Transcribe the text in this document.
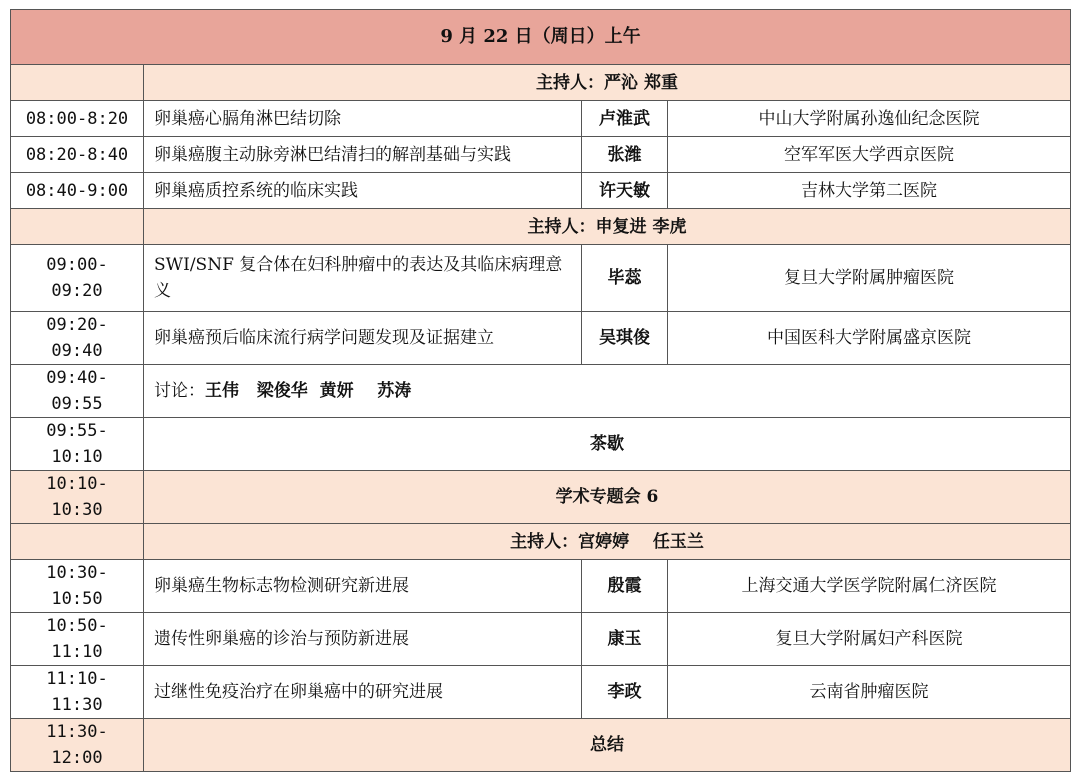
9 月 22 日（周日）上午			
	主持人：严沁 郑重		
08:00-8:20	卵巢癌心膈角淋巴结切除	卢淮武	中山大学附属孙逸仙纪念医院
08:20-8:40	卵巢癌腹主动脉旁淋巴结清扫的解剖基础与实践	张潍	空军军医大学西京医院
08:40-9:00	卵巢癌质控系统的临床实践	许天敏	吉林大学第二医院
	主持人：申复进 李虎		
09:00-09:20	SWI/SNF 复合体在妇科肿瘤中的表达及其临床病理意义	毕蕊	复旦大学附属肿瘤医院
09:20-09:40	卵巢癌预后临床流行病学问题发现及证据建立	吴琪俊	中国医科大学附属盛京医院
09:40-09:55	讨论：王伟   梁俊华  黄妍    苏涛		
09:55-10:10	茶歇		
10:10-10:30	学术专题会 6		
	主持人：宫婷婷    任玉兰		
10:30-10:50	卵巢癌生物标志物检测研究新进展	殷霞	上海交通大学医学院附属仁济医院
10:50-11:10	遗传性卵巢癌的诊治与预防新进展	康玉	复旦大学附属妇产科医院
11:10-11:30	过继性免疫治疗在卵巢癌中的研究进展	李政	云南省肿瘤医院
11:30-12:00	总结		
